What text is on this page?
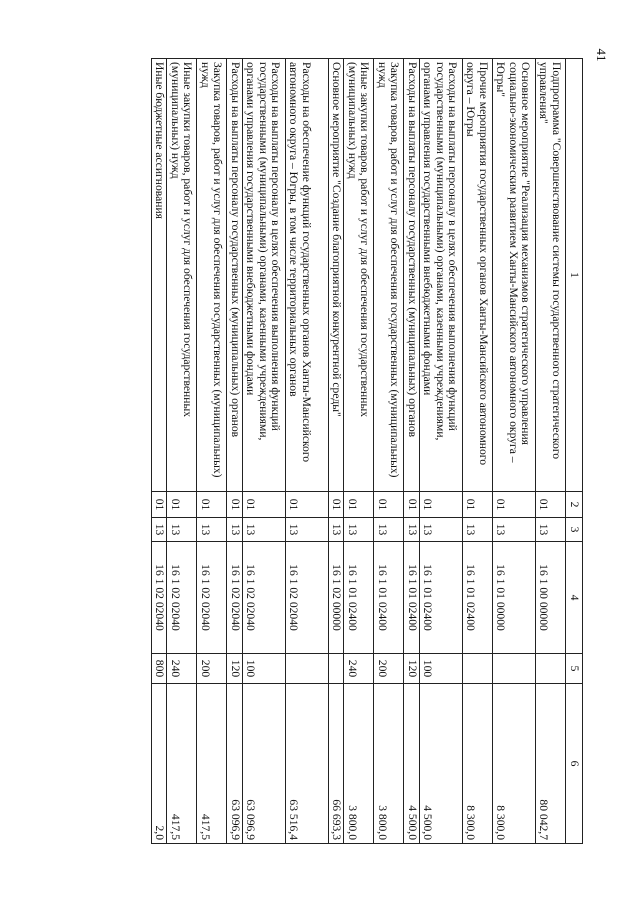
41
1	2	3	4	5	6
Подпрограмма "Совершенствование системы государственного стратегического управления"	01	13	16 1 00 00000		80 042,7
Основное мероприятие "Реализация механизмов стратегического управления социально-экономическим развитием Ханты-Мансийского автономного округа – Югры"	01	13	16 1 01 00000		8 300,0
Прочие мероприятия государственных органов Ханты-Мансийского автономного округа – Югры	01	13	16 1 01 02400		8 300,0
Расходы на выплаты персоналу в целях обеспечения выполнения функций государственными (муниципальными) органами, казенными учреждениями, органами управления государственными внебюджетными фондами	01	13	16 1 01 02400	100	4 500,0
Расходы на выплаты персоналу государственных (муниципальных) органов	01	13	16 1 01 02400	120	4 500,0
Закупка товаров, работ и услуг для обеспечения государственных (муниципальных) нужд	01	13	16 1 01 02400	200	3 800,0
Иные закупки товаров, работ и услуг для обеспечения государственных (муниципальных) нужд	01	13	16 1 01 02400	240	3 800,0
Основное мероприятие "Создание благоприятной конкурентной среды"	01	13	16 1 02 00000		66 693,3
Расходы на обеспечение функций государственных органов Ханты-Мансийского автономного округа – Югры, в том числе территориальных органов	01	13	16 1 02 02040		63 516,4
Расходы на выплаты персоналу в целях обеспечения выполнения функций государственными (муниципальными) органами, казенными учреждениями, органами управления государственными внебюджетными фондами	01	13	16 1 02 02040	100	63 096,9
Расходы на выплаты персоналу государственных (муниципальных) органов	01	13	16 1 02 02040	120	63 096,9
Закупка товаров, работ и услуг для обеспечения государственных (муниципальных) нужд	01	13	16 1 02 02040	200	417,5
Иные закупки товаров, работ и услуг для обеспечения государственных (муниципальных) нужд	01	13	16 1 02 02040	240	417,5
Иные бюджетные ассигнования	01	13	16 1 02 02040	800	2,0
